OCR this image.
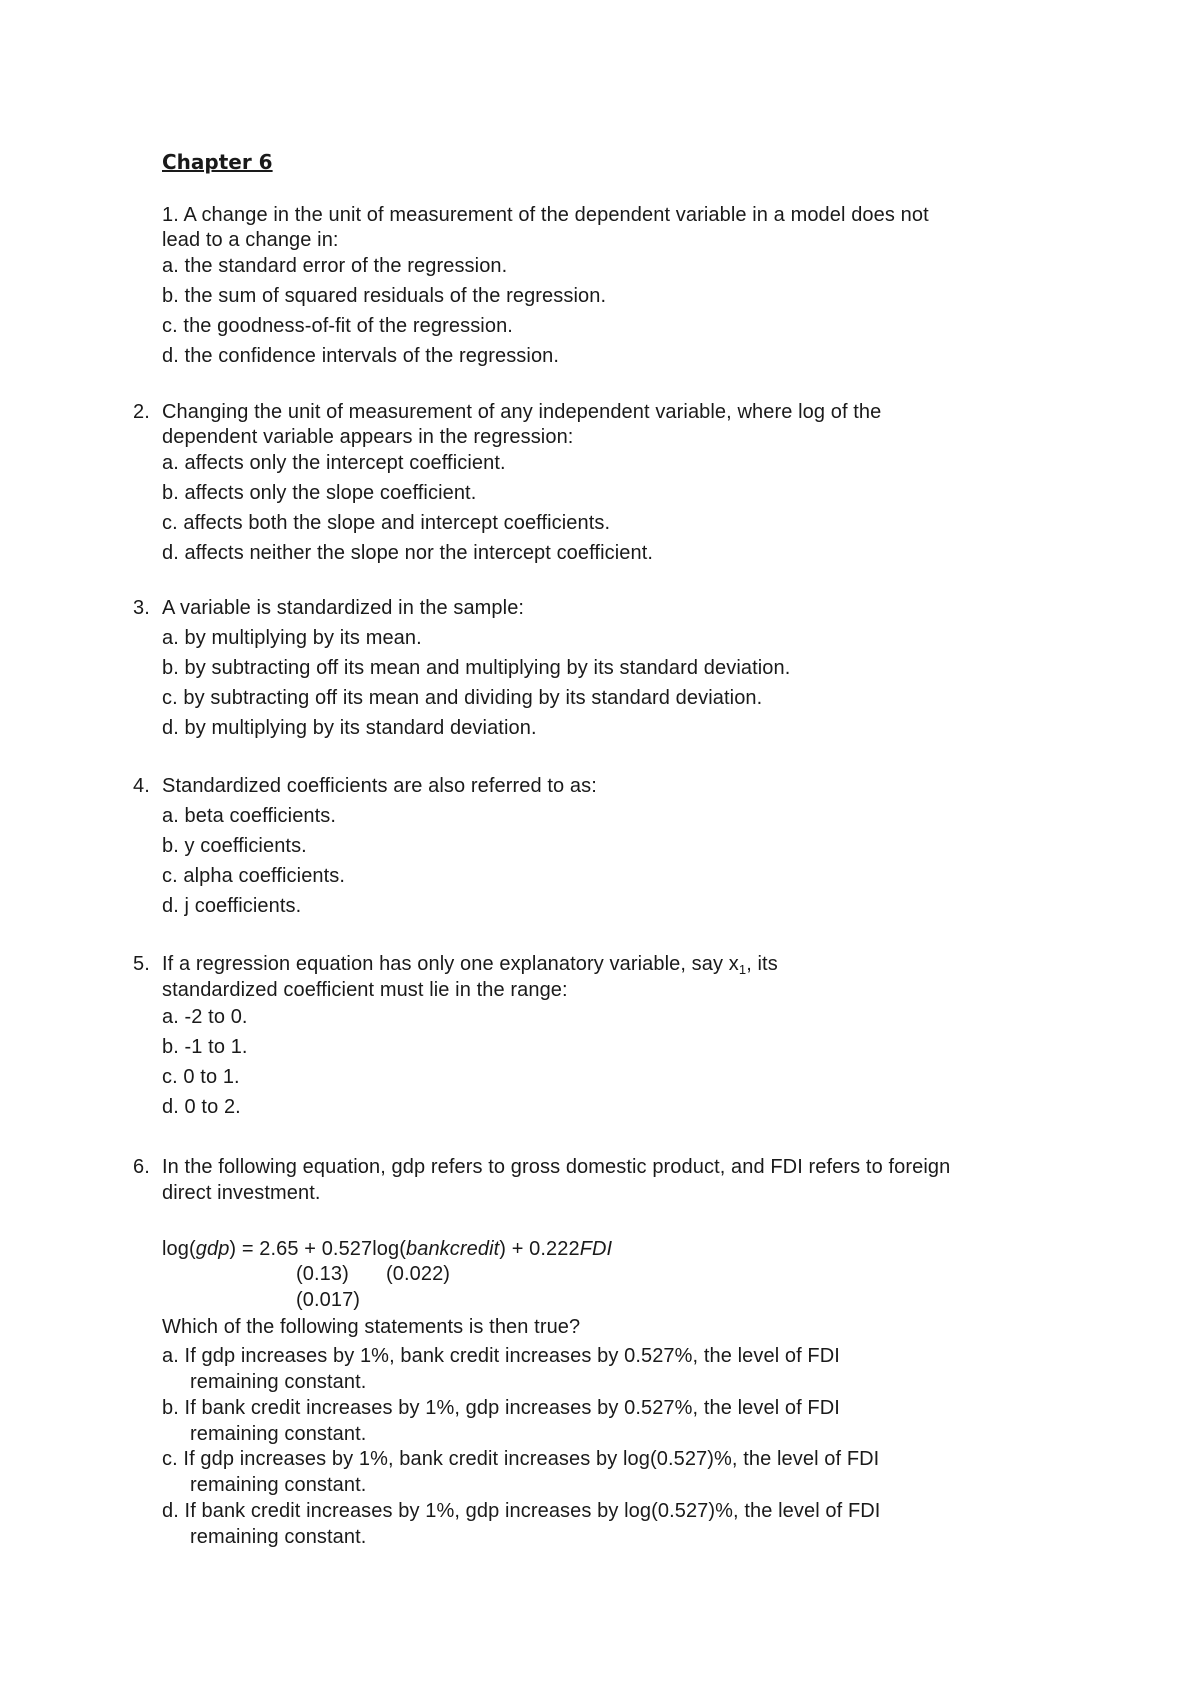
Chapter 6
1. A change in the unit of measurement of the dependent variable in a model does not
lead to a change in:
a. the standard error of the regression.
b. the sum of squared residuals of the regression.
c. the goodness-of-fit of the regression.
d. the confidence intervals of the regression.
2. Changing the unit of measurement of any independent variable, where log of the
dependent variable appears in the regression:
a. affects only the intercept coefficient.
b. affects only the slope coefficient.
c. affects both the slope and intercept coefficients.
d. affects neither the slope nor the intercept coefficient.
3. A variable is standardized in the sample:
a. by multiplying by its mean.
b. by subtracting off its mean and multiplying by its standard deviation.
c. by subtracting off its mean and dividing by its standard deviation.
d. by multiplying by its standard deviation.
4. Standardized coefficients are also referred to as:
a. beta coefficients.
b. y coefficients.
c. alpha coefficients.
d. j coefficients.
5. If a regression equation has only one explanatory variable, say $x_1$, its
standardized coefficient must lie in the range:
a. -2 to 0.
b. -1 to 1.
c. 0 to 1.
d. 0 to 2.
6. In the following equation, gdp refers to gross domestic product, and FDI refers to foreign
direct investment.
log(gdp) = 2.65 + 0.527log(bankcredit) + 0.222FDI
(0.13) (0.022)
(0.017)
Which of the following statements is then true?
a. If gdp increases by 1%, bank credit increases by 0.527%, the level of FDI
remaining constant.
b. If bank credit increases by 1%, gdp increases by 0.527%, the level of FDI
remaining constant.
c. If gdp increases by 1%, bank credit increases by log(0.527)%, the level of FDI
remaining constant.
d. If bank credit increases by 1%, gdp increases by log(0.527)%, the level of FDI
remaining constant.
